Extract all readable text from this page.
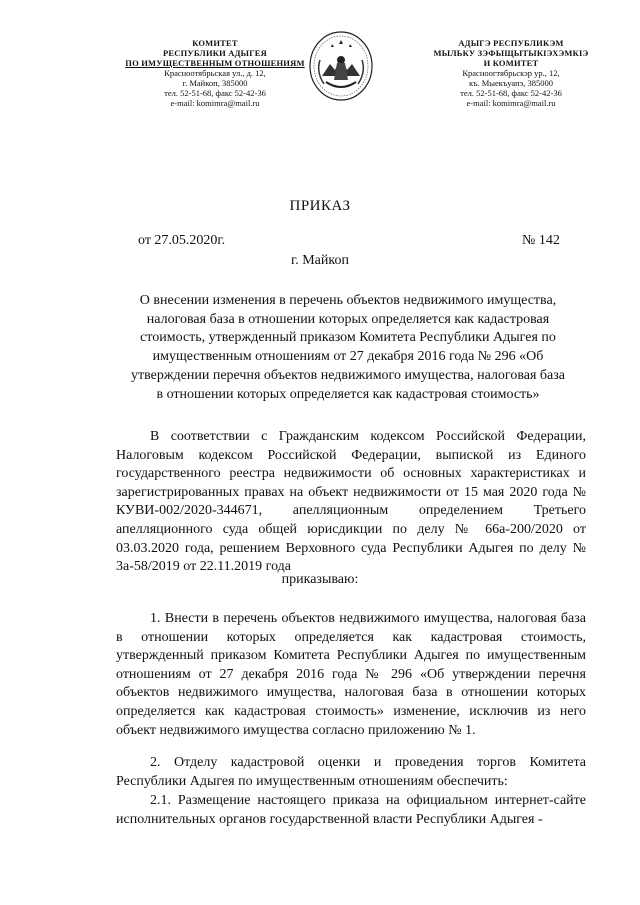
КОМИТЕТ
РЕСПУБЛИКИ АДЫГЕЯ
ПО ИМУЩЕСТВЕННЫМ ОТНОШЕНИЯМ
Красноотябрьская ул., д. 12,
г. Майкоп, 385000
тел. 52-51-68, факс 52-42-36
e-mail: komimra@mail.ru
АДЫГЭ РЕСПУБЛИКЭМ
МЫЛЬКУ ЗЭФЫЩЫТЫКІЭХЭМКІЭ
И КОМИТЕТ
Красноогтябрьскэр ур., 12,
къ. Мыекъуапэ, 385000
тел. 52-51-68, факс 52-42-36
e-mail: komimra@mail.ru
ПРИКАЗ
от 27.05.2020г.	№ 142
г. Майкоп
О внесении изменения в перечень объектов недвижимого имущества, налоговая база в отношении которых определяется как кадастровая стоимость, утвержденный приказом Комитета Республики Адыгея по имущественным отношениям от 27 декабря 2016 года № 296 «Об утверждении перечня объектов недвижимого имущества, налоговая база в отношении которых определяется как кадастровая стоимость»

В соответствии с Гражданским кодексом Российской Федерации, Налоговым кодексом Российской Федерации, выпиской из Единого государственного реестра недвижимости об основных характеристиках и зарегистрированных правах на объект недвижимости от 15 мая 2020 года № КУВИ-002/2020-344671, апелляционным определением Третьего апелляционного суда общей юрисдикции по делу № 66а-200/2020 от 03.03.2020 года, решением Верховного суда Республики Адыгея по делу № 3а-58/2019 от 22.11.2019 года

приказываю:

1. Внести в перечень объектов недвижимого имущества, налоговая база в отношении которых определяется как кадастровая стоимость, утвержденный приказом Комитета Республики Адыгея по имущественным отношениям от 27 декабря 2016 года № 296 «Об утверждении перечня объектов недвижимого имущества, налоговая база в отношении которых определяется как кадастровая стоимость» изменение, исключив из него объект недвижимого имущества согласно приложению № 1.

2. Отделу кадастровой оценки и проведения торгов Комитета Республики Адыгея по имущественным отношениям обеспечить:

2.1. Размещение настоящего приказа на официальном интернет-сайте исполнительных органов государственной власти Республики Адыгея -
